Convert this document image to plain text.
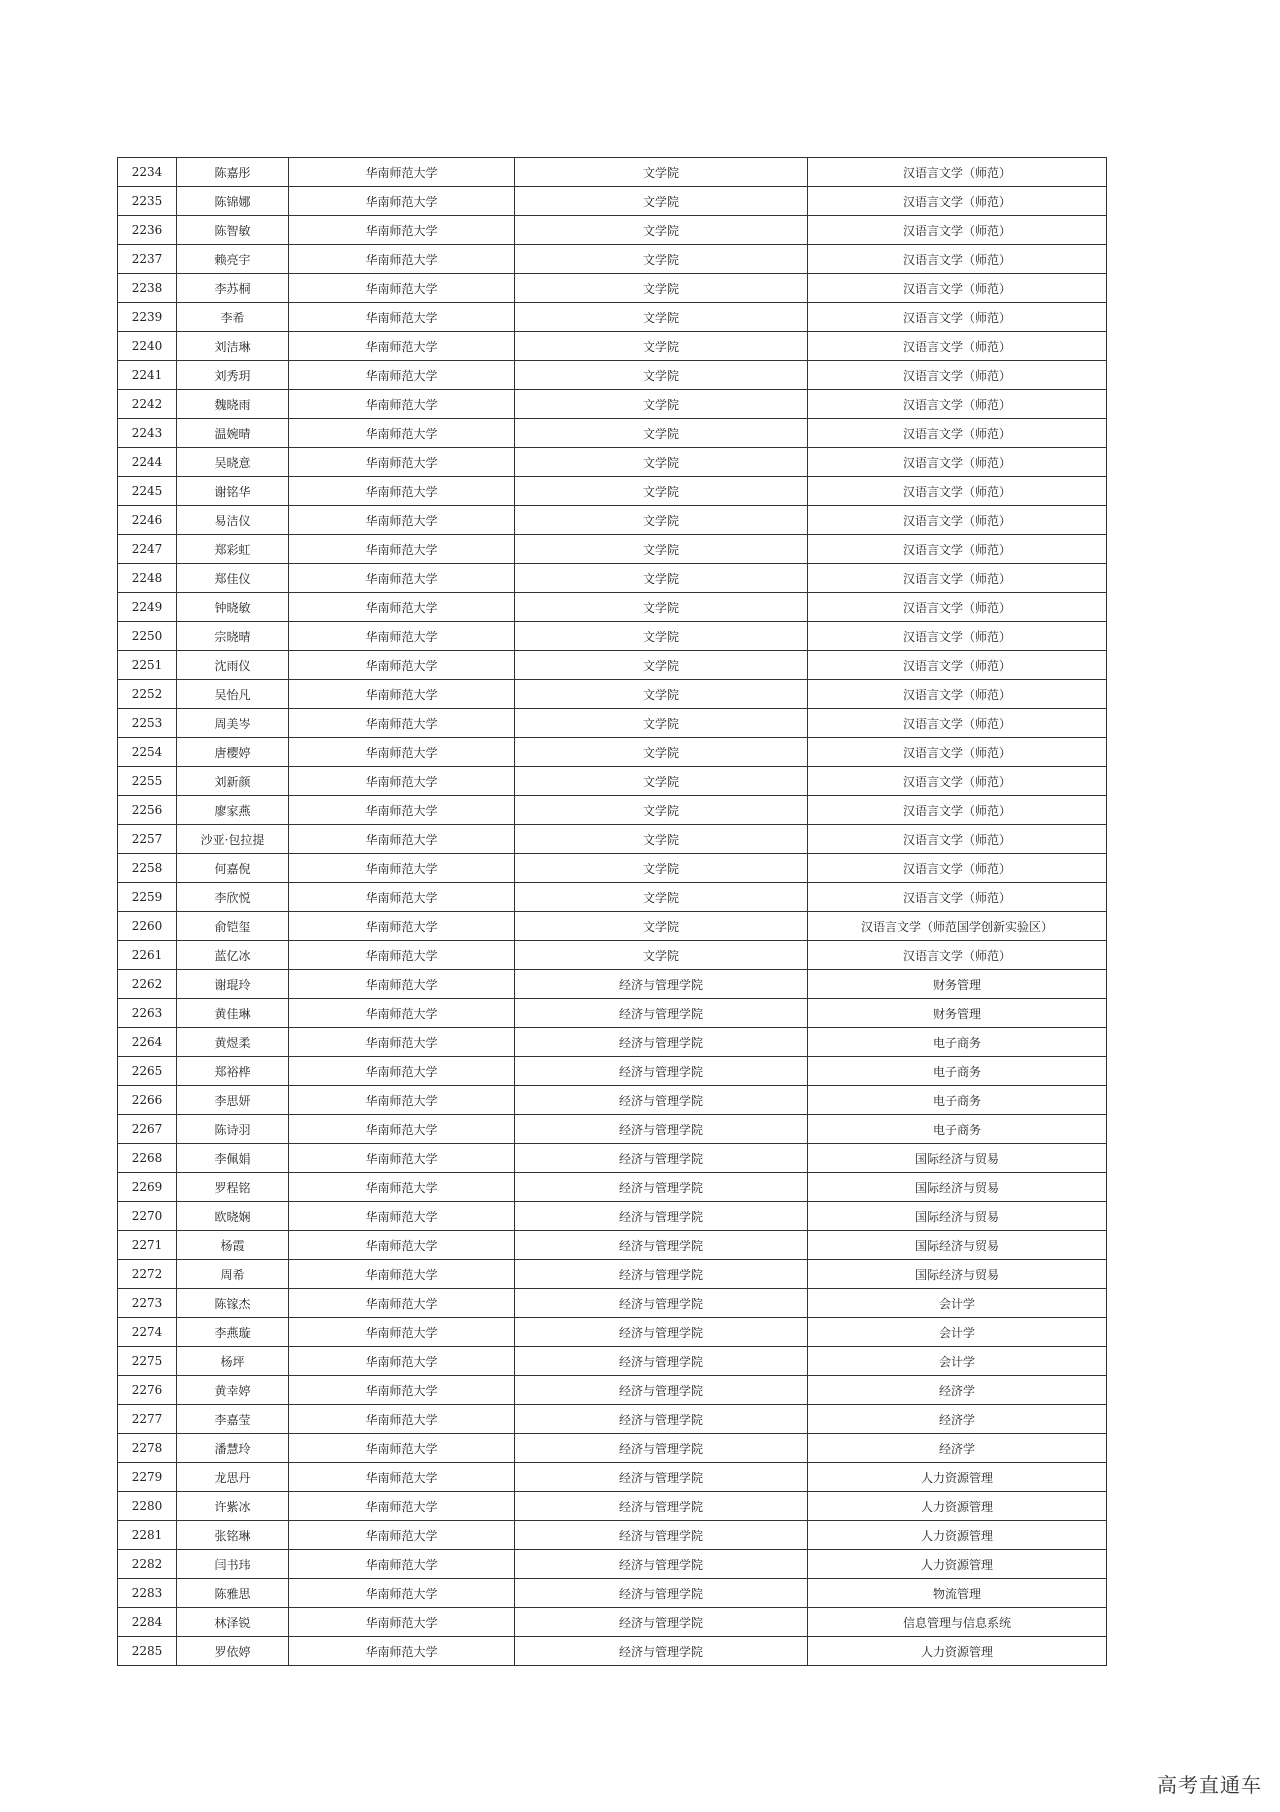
2234	陈嘉彤	华南师范大学	文学院	汉语言文学（师范）
2235	陈锦娜	华南师范大学	文学院	汉语言文学（师范）
2236	陈智敏	华南师范大学	文学院	汉语言文学（师范）
2237	赖亮宇	华南师范大学	文学院	汉语言文学（师范）
2238	李苏桐	华南师范大学	文学院	汉语言文学（师范）
2239	李希	华南师范大学	文学院	汉语言文学（师范）
2240	刘洁琳	华南师范大学	文学院	汉语言文学（师范）
2241	刘秀玥	华南师范大学	文学院	汉语言文学（师范）
2242	魏晓雨	华南师范大学	文学院	汉语言文学（师范）
2243	温婉晴	华南师范大学	文学院	汉语言文学（师范）
2244	吴晓意	华南师范大学	文学院	汉语言文学（师范）
2245	谢铭华	华南师范大学	文学院	汉语言文学（师范）
2246	易洁仪	华南师范大学	文学院	汉语言文学（师范）
2247	郑彩虹	华南师范大学	文学院	汉语言文学（师范）
2248	郑佳仪	华南师范大学	文学院	汉语言文学（师范）
2249	钟晓敏	华南师范大学	文学院	汉语言文学（师范）
2250	宗晓晴	华南师范大学	文学院	汉语言文学（师范）
2251	沈雨仪	华南师范大学	文学院	汉语言文学（师范）
2252	吴怡凡	华南师范大学	文学院	汉语言文学（师范）
2253	周美岑	华南师范大学	文学院	汉语言文学（师范）
2254	唐樱婷	华南师范大学	文学院	汉语言文学（师范）
2255	刘新颜	华南师范大学	文学院	汉语言文学（师范）
2256	廖家燕	华南师范大学	文学院	汉语言文学（师范）
2257	沙亚·包拉提	华南师范大学	文学院	汉语言文学（师范）
2258	何嘉倪	华南师范大学	文学院	汉语言文学（师范）
2259	李欣悦	华南师范大学	文学院	汉语言文学（师范）
2260	俞铠玺	华南师范大学	文学院	汉语言文学（师范国学创新实验区）
2261	蓝亿冰	华南师范大学	文学院	汉语言文学（师范）
2262	谢琨玲	华南师范大学	经济与管理学院	财务管理
2263	黄佳琳	华南师范大学	经济与管理学院	财务管理
2264	黄煜柔	华南师范大学	经济与管理学院	电子商务
2265	郑裕桦	华南师范大学	经济与管理学院	电子商务
2266	李思妍	华南师范大学	经济与管理学院	电子商务
2267	陈诗羽	华南师范大学	经济与管理学院	电子商务
2268	李佩娟	华南师范大学	经济与管理学院	国际经济与贸易
2269	罗程铭	华南师范大学	经济与管理学院	国际经济与贸易
2270	欧晓娴	华南师范大学	经济与管理学院	国际经济与贸易
2271	杨霞	华南师范大学	经济与管理学院	国际经济与贸易
2272	周希	华南师范大学	经济与管理学院	国际经济与贸易
2273	陈镓杰	华南师范大学	经济与管理学院	会计学
2274	李燕璇	华南师范大学	经济与管理学院	会计学
2275	杨坪	华南师范大学	经济与管理学院	会计学
2276	黄幸婷	华南师范大学	经济与管理学院	经济学
2277	李嘉莹	华南师范大学	经济与管理学院	经济学
2278	潘慧玲	华南师范大学	经济与管理学院	经济学
2279	龙思丹	华南师范大学	经济与管理学院	人力资源管理
2280	许紫冰	华南师范大学	经济与管理学院	人力资源管理
2281	张铭琳	华南师范大学	经济与管理学院	人力资源管理
2282	闫书玮	华南师范大学	经济与管理学院	人力资源管理
2283	陈雅思	华南师范大学	经济与管理学院	物流管理
2284	林泽锐	华南师范大学	经济与管理学院	信息管理与信息系统
2285	罗依婷	华南师范大学	经济与管理学院	人力资源管理
高考直通车
